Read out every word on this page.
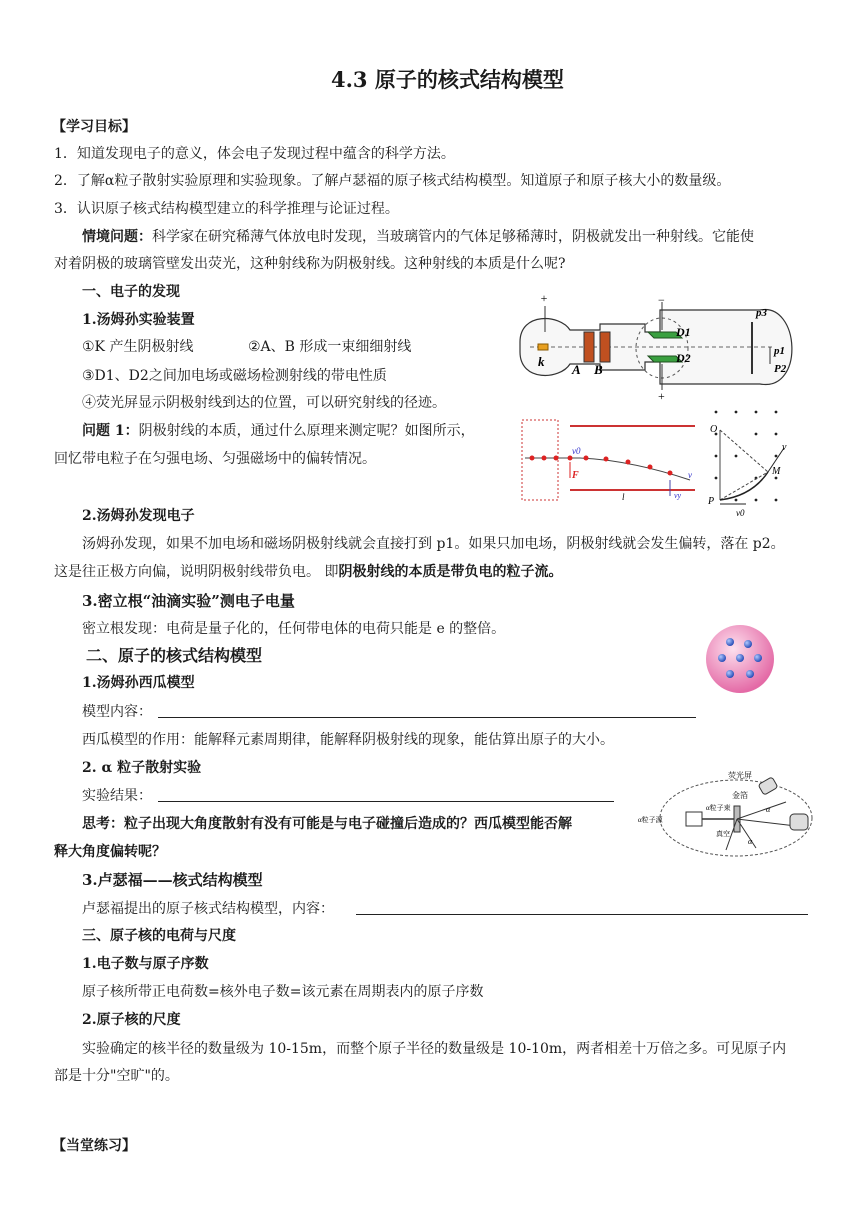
4.3 原子的核式结构模型
【学习目标】
1．知道发现电子的意义，体会电子发现过程中蕴含的科学方法。
2．了解α粒子散射实验原理和实验现象。了解卢瑟福的原子核式结构模型。知道原子和原子核大小的数量级。
3．认识原子核式结构模型建立的科学推理与论证过程。
情境问题：科学家在研究稀薄气体放电时发现，当玻璃管内的气体足够稀薄时，阴极就发出一种射线。它能使
对着阴极的玻璃管壁发出荧光，这种射线称为阴极射线。这种射线的本质是什么呢?
一、电子的发现
1.汤姆孙实验装置
①K 产生阴极射线	②A、B 形成一束细细射线
③D1、D2之间加电场或磁场检测射线的带电性质
④荧光屏显示阴极射线到达的位置，可以研究射线的径迹。
问题 1：阴极射线的本质，通过什么原理来测定呢？如图所示，
回忆带电粒子在匀强电场、匀强磁场中的偏转情况。
2.汤姆孙发现电子
汤姆孙发现，如果不加电场和磁场阴极射线就会直接打到 p1。如果只加电场，阴极射线就会发生偏转，落在 p2。
这是往正极方向偏，说明阴极射线带负电。 即阴极射线的本质是带负电的粒子流。
3.密立根“油滴实验”测电子电量
密立根发现：电荷是量子化的，任何带电体的电荷只能是 e 的整倍。
二、原子的核式结构模型
1.汤姆孙西瓜模型
模型内容：
西瓜模型的作用：能解释元素周期律，能解释阴极射线的现象，能估算出原子的大小。
2. α 粒子散射实验
实验结果：
思考：粒子出现大角度散射有没有可能是与电子碰撞后造成的？西瓜模型能否解
释大角度偏转呢？
3.卢瑟福——核式结构模型
卢瑟福提出的原子核式结构模型，内容：
三、原子核的电荷与尺度
1.电子数与原子序数
原子核所带正电荷数=核外电子数=该元素在周期表内的原子序数
2.原子核的尺度
实验确定的核半径的数量级为 10-15m，而整个原子半径的数量级是 10-10m，两者相差十万倍之多。可见原子内
部是十分"空旷"的。
【当堂练习】
+	−
+
k
A B
D1
D2
p3
p1
P2
v0
F	v
l	vy
O
P
M
v
v0
荧光屏
金箔
α粒子束
α粒子源
真空
α
α
